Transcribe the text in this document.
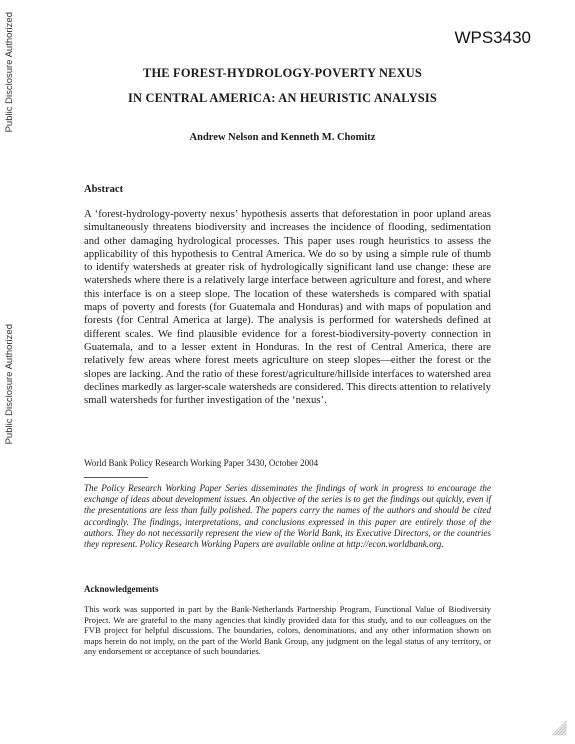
Public Disclosure Authorized
Public Disclosure Authorized
WPS3430
THE FOREST-HYDROLOGY-POVERTY NEXUS
IN CENTRAL AMERICA: AN HEURISTIC ANALYSIS
Andrew Nelson and Kenneth M. Chomitz
Abstract

A ‘forest-hydrology-poverty nexus’ hypothesis asserts that deforestation in poor upland areas simultaneously threatens biodiversity and increases the incidence of flooding, sedimentation and other damaging hydrological processes. This paper uses rough heuristics to assess the applicability of this hypothesis to Central America. We do so by using a simple rule of thumb to identify watersheds at greater risk of hydrologically significant land use change: these are watersheds where there is a relatively large interface between agriculture and forest, and where this interface is on a steep slope. The location of these watersheds is compared with spatial maps of poverty and forests (for Guatemala and Honduras) and with maps of population and forests (for Central America at large). The analysis is performed for watersheds defined at different scales. We find plausible evidence for a forest-biodiversity-poverty connection in Guatemala, and to a lesser extent in Honduras. In the rest of Central America, there are relatively few areas where forest meets agriculture on steep slopes—either the forest or the slopes are lacking. And the ratio of these forest/agriculture/hillside interfaces to watershed area declines markedly as larger-scale watersheds are considered. This directs attention to relatively small watersheds for further investigation of the ‘nexus’.

World Bank Policy Research Working Paper 3430, October 2004

The Policy Research Working Paper Series disseminates the findings of work in progress to encourage the exchange of ideas about development issues. An objective of the series is to get the findings out quickly, even if the presentations are less than fully polished. The papers carry the names of the authors and should be cited accordingly. The findings, interpretations, and conclusions expressed in this paper are entirely those of the authors. They do not necessarily represent the view of the World Bank, its Executive Directors, or the countries they represent. Policy Research Working Papers are available online at http://econ.worldbank.org.

Acknowledgements

This work was supported in part by the Bank-Netherlands Partnership Program, Functional Value of Biodiversity Project. We are grateful to the many agencies that kindly provided data for this study, and to our colleagues on the FVB project for helpful discussions. The boundaries, colors, denominations, and any other information shown on maps herein do not imply, on the part of the World Bank Group, any judgment on the legal status of any territory, or any endorsement or acceptance of such boundaries.
